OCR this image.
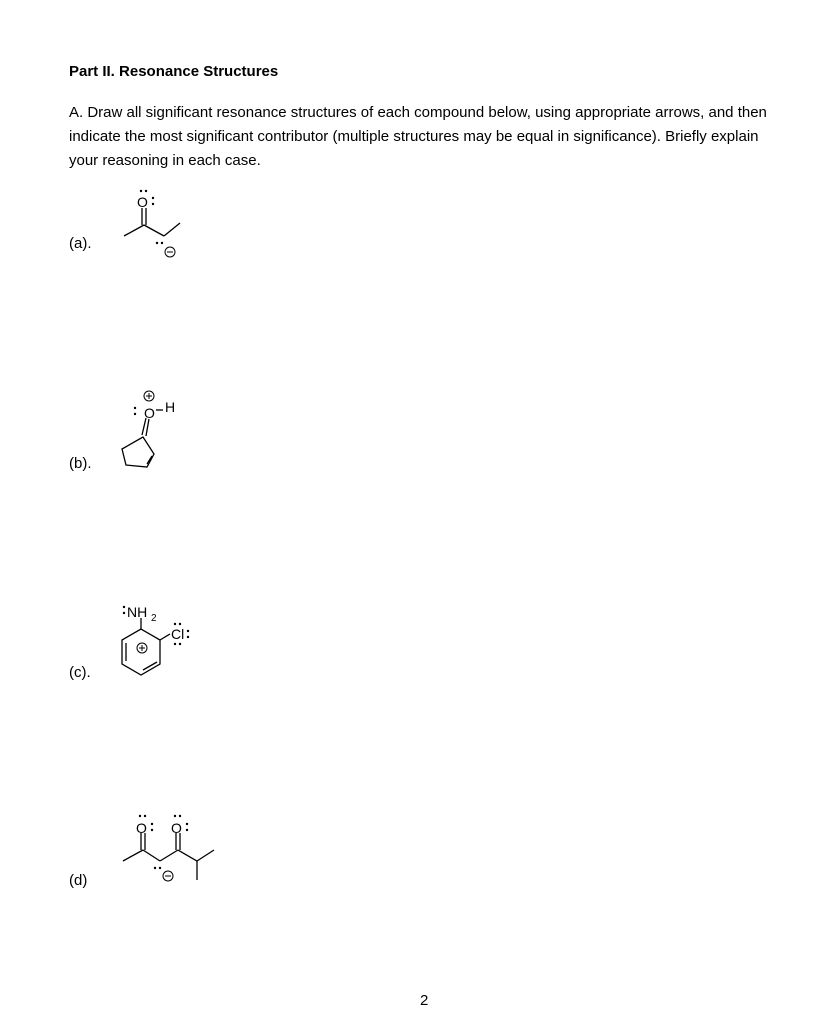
Part II. Resonance Structures
A. Draw all significant resonance structures of each compound below, using appropriate arrows, and then indicate the most significant contributor (multiple structures may be equal in significance). Briefly explain your reasoning in each case.
(a).
O
(b).
O H
(c).
NH 2
Cl
(d)
O O
2
